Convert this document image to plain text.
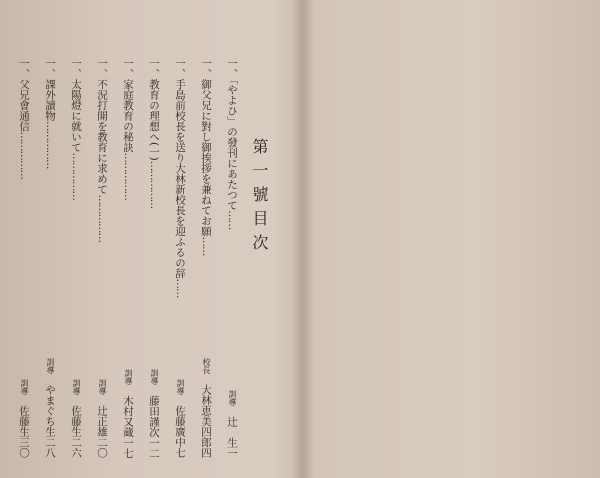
第一號目次
一、「やよひ」の發刊にあたつて……
訓導　辻　生一
一、御父兄に對し御挨拶を兼ねてお願……
校長　大林恵美四郎四
一、手島前校長を送り大林新校長を迎ふるの辞……
訓導　佐藤廣中七
一、教育の理想へ(一)……………
訓導　藤田謹次一二
一、家庭教育の秘訣……………
訓導　木村又蔵一七
一、不況打開を教育に求めて……………
訓導　辻正雄二〇
一、太陽燈に就いて……………
訓導　佐藤生二六
一、課外讀物……………
訓導　やまぐち生二八
一、父兄會通信……………
訓導　佐藤生三〇
